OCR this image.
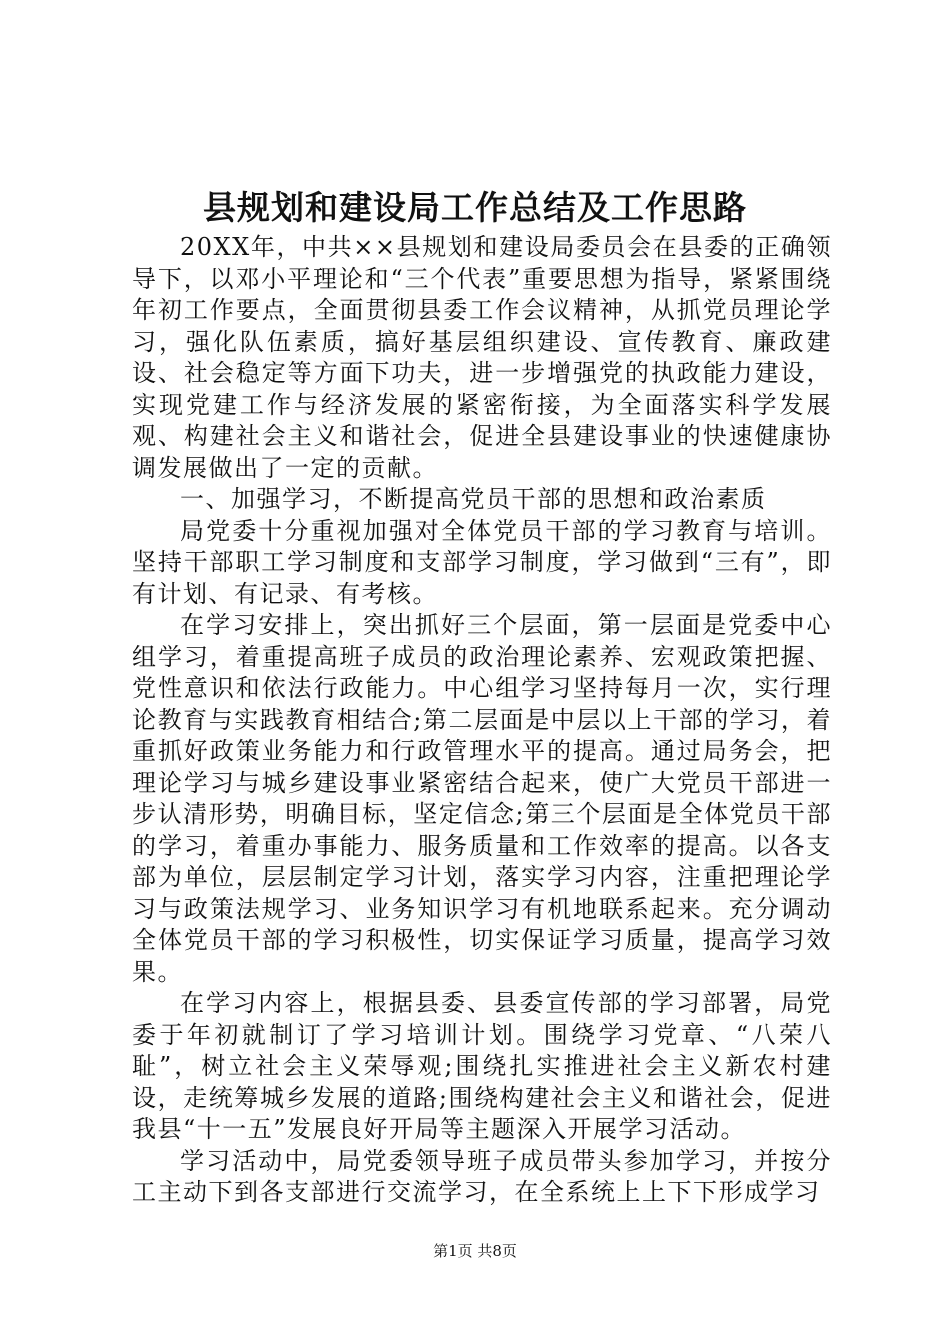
县规划和建设局工作总结及工作思路

20XX年，中共××县规划和建设局委员会在县委的正确领导下，以邓小平理论和“三个代表”重要思想为指导，紧紧围绕年初工作要点，全面贯彻县委工作会议精神，从抓党员理论学习，强化队伍素质，搞好基层组织建设、宣传教育、廉政建设、社会稳定等方面下功夫，进一步增强党的执政能力建设，实现党建工作与经济发展的紧密衔接，为全面落实科学发展观、构建社会主义和谐社会，促进全县建设事业的快速健康协调发展做出了一定的贡献。

一、加强学习，不断提高党员干部的思想和政治素质

局党委十分重视加强对全体党员干部的学习教育与培训。坚持干部职工学习制度和支部学习制度，学习做到“三有”，即有计划、有记录、有考核。

在学习安排上，突出抓好三个层面，第一层面是党委中心组学习，着重提高班子成员的政治理论素养、宏观政策把握、党性意识和依法行政能力。中心组学习坚持每月一次，实行理论教育与实践教育相结合;第二层面是中层以上干部的学习，着重抓好政策业务能力和行政管理水平的提高。通过局务会，把理论学习与城乡建设事业紧密结合起来，使广大党员干部进一步认清形势，明确目标，坚定信念;第三个层面是全体党员干部的学习，着重办事能力、服务质量和工作效率的提高。以各支部为单位，层层制定学习计划，落实学习内容，注重把理论学习与政策法规学习、业务知识学习有机地联系起来。充分调动全体党员干部的学习积极性，切实保证学习质量，提高学习效果。

在学习内容上，根据县委、县委宣传部的学习部署，局党委于年初就制订了学习培训计划。围绕学习党章、“八荣八耻”，树立社会主义荣辱观;围绕扎实推进社会主义新农村建设，走统筹城乡发展的道路;围绕构建社会主义和谐社会，促进我县“十一五”发展良好开局等主题深入开展学习活动。

学习活动中，局党委领导班子成员带头参加学习，并按分工主动下到各支部进行交流学习，在全系统上上下下形成学习

第1页 共8页
